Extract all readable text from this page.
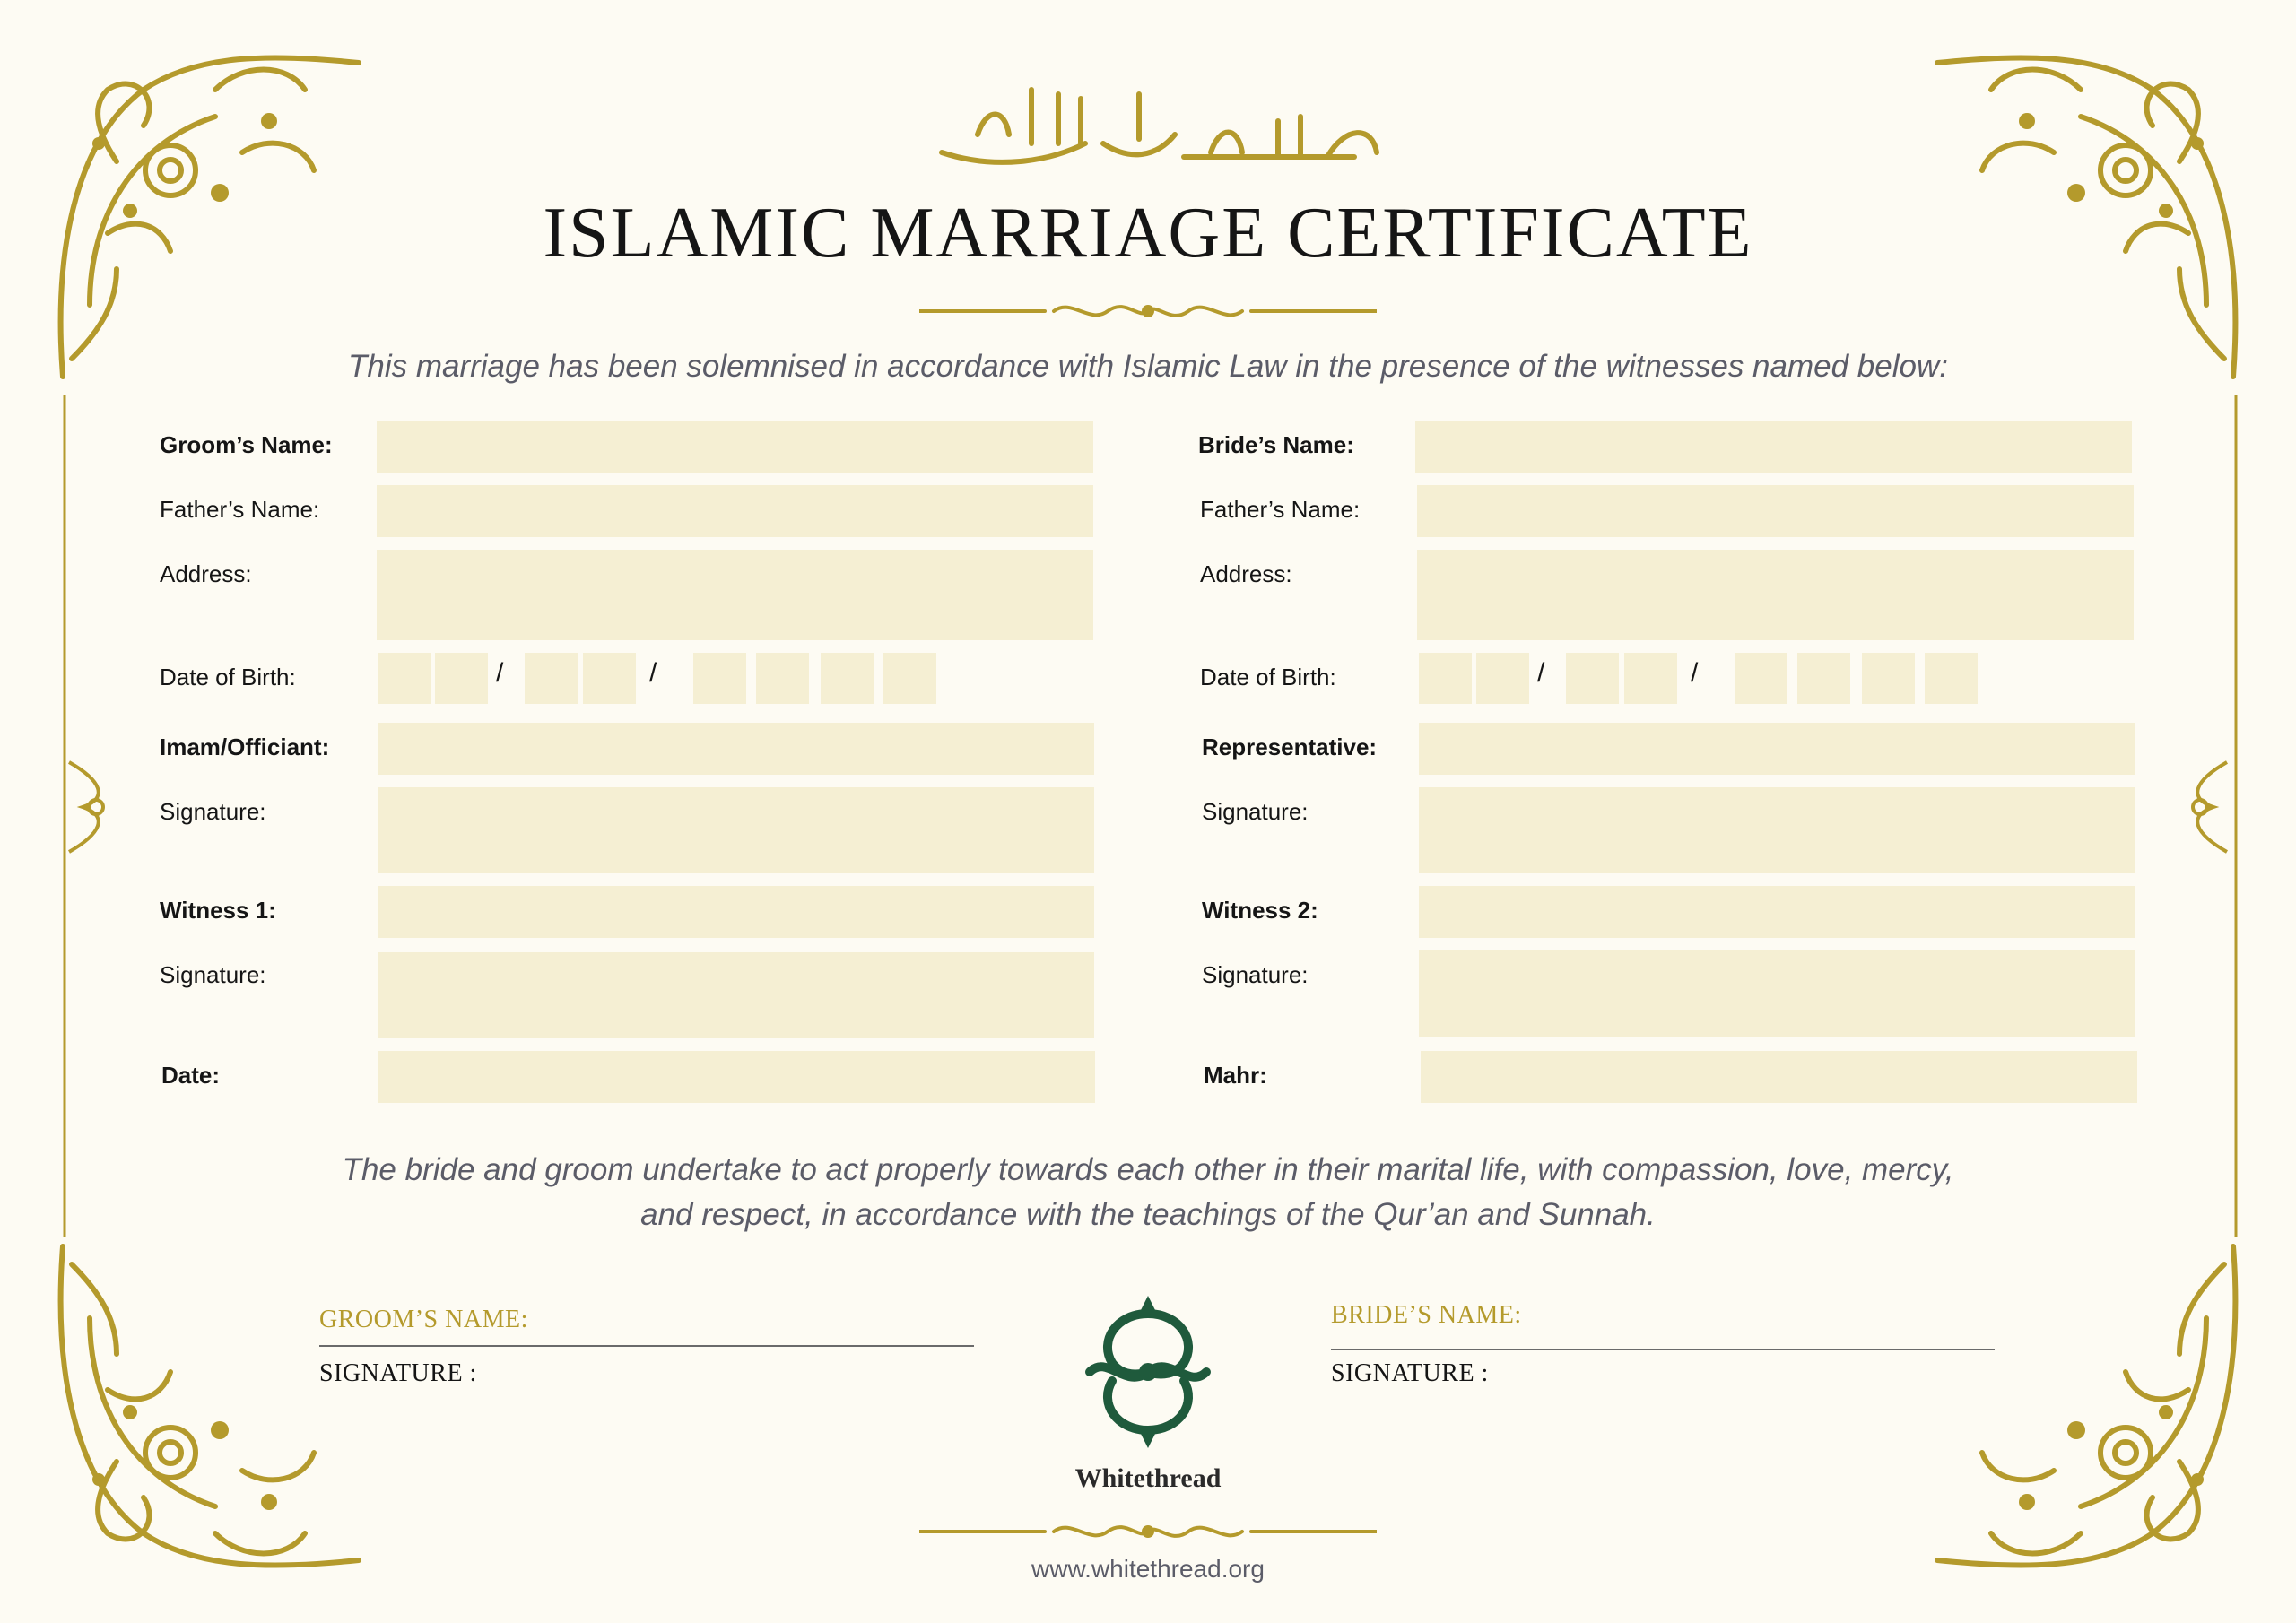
بسم الله الرحمن الرحيم
ISLAMIC MARRIAGE CERTIFICATE
This marriage has been solemnised in accordance with Islamic Law in the presence of the witnesses named below:
Groom’s Name:
Father’s Name:
Address:
Date of Birth:	/	/
Imam/Officiant:
Signature:
Witness 1:
Signature:
Date:
Bride’s Name:
Father’s Name:
Address:
Date of Birth:	/	/
Representative:
Signature:
Witness 2:
Signature:
Mahr:
The bride and groom undertake to act properly towards each other in their marital life, with compassion, love, mercy,
and respect, in accordance with the teachings of the Qur’an and Sunnah.
GROOM’S NAME:
SIGNATURE :
BRIDE’S NAME:
SIGNATURE :
Whitethread
www.whitethread.org
